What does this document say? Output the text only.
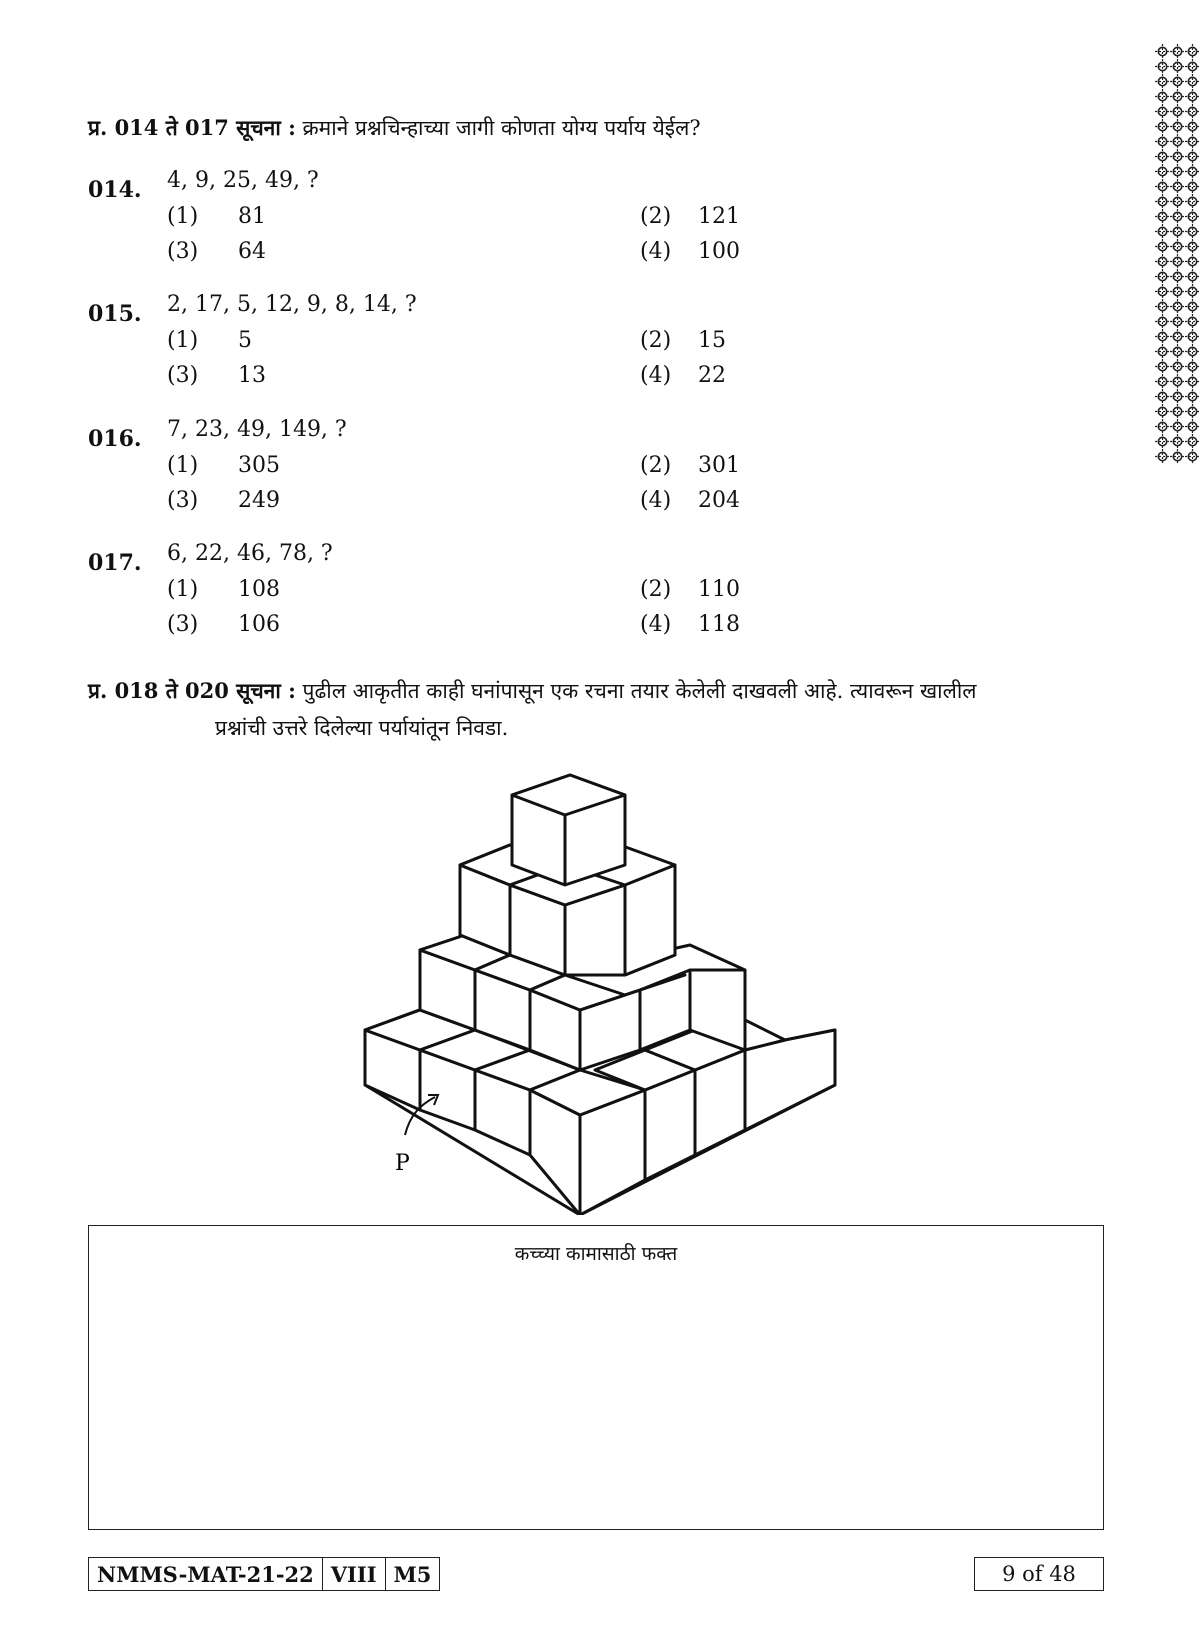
प्र. 014 ते 017 सूचना : क्रमाने प्रश्नचिन्हाच्या जागी कोणता योग्य पर्याय येईल?
014. 4, 9, 25, 49, ?
(1) 81	(2) 121
(3) 64	(4) 100
015. 2, 17, 5, 12, 9, 8, 14, ?
(1) 5	(2) 15
(3) 13	(4) 22
016. 7, 23, 49, 149, ?
(1) 305	(2) 301
(3) 249	(4) 204
017. 6, 22, 46, 78, ?
(1) 108	(2) 110
(3) 106	(4) 118
प्र. 018 ते 020 सूचना : पुढील आकृतीत काही घनांपासून एक रचना तयार केलेली दाखवली आहे. त्यावरून खालील
प्रश्नांची उत्तरे दिलेल्या पर्यायांतून निवडा.
P
कच्च्या कामासाठी फक्त
NMMS-MAT-21-22 VIII M5	9 of 48
